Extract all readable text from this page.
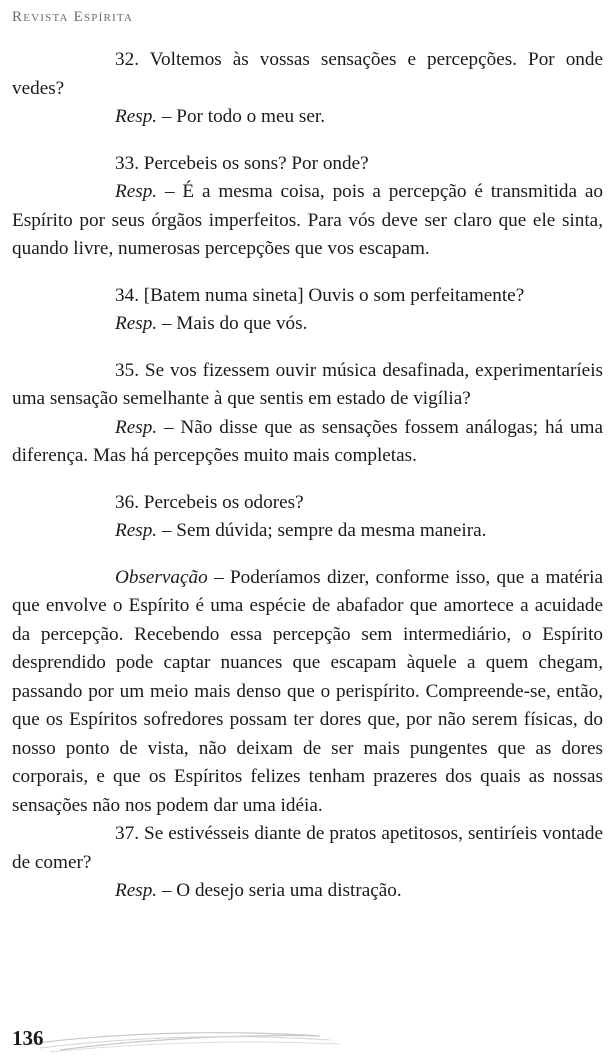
Revista Espírita

32. Voltemos às vossas sensações e percepções. Por onde vedes?

Resp. – Por todo o meu ser.

33. Percebeis os sons? Por onde?

Resp. – É a mesma coisa, pois a percepção é transmitida ao Espírito por seus órgãos imperfeitos. Para vós deve ser claro que ele sinta, quando livre, numerosas percepções que vos escapam.

34. [Batem numa sineta] Ouvis o som perfeitamente?

Resp. – Mais do que vós.

35. Se vos fizessem ouvir música desafinada, experimentaríeis uma sensação semelhante à que sentis em estado de vigília?

Resp. – Não disse que as sensações fossem análogas; há uma diferença. Mas há percepções muito mais completas.

36. Percebeis os odores?

Resp. – Sem dúvida; sempre da mesma maneira.

Observação – Poderíamos dizer, conforme isso, que a matéria que envolve o Espírito é uma espécie de abafador que amortece a acuidade da percepção. Recebendo essa percepção sem intermediário, o Espírito desprendido pode captar nuances que escapam àquele a quem chegam, passando por um meio mais denso que o perispírito. Compreende-se, então, que os Espíritos sofredores possam ter dores que, por não serem físicas, do nosso ponto de vista, não deixam de ser mais pungentes que as dores corporais, e que os Espíritos felizes tenham prazeres dos quais as nossas sensações não nos podem dar uma idéia.

37. Se estivésseis diante de pratos apetitosos, sentiríeis vontade de comer?

Resp. – O desejo seria uma distração.

136
